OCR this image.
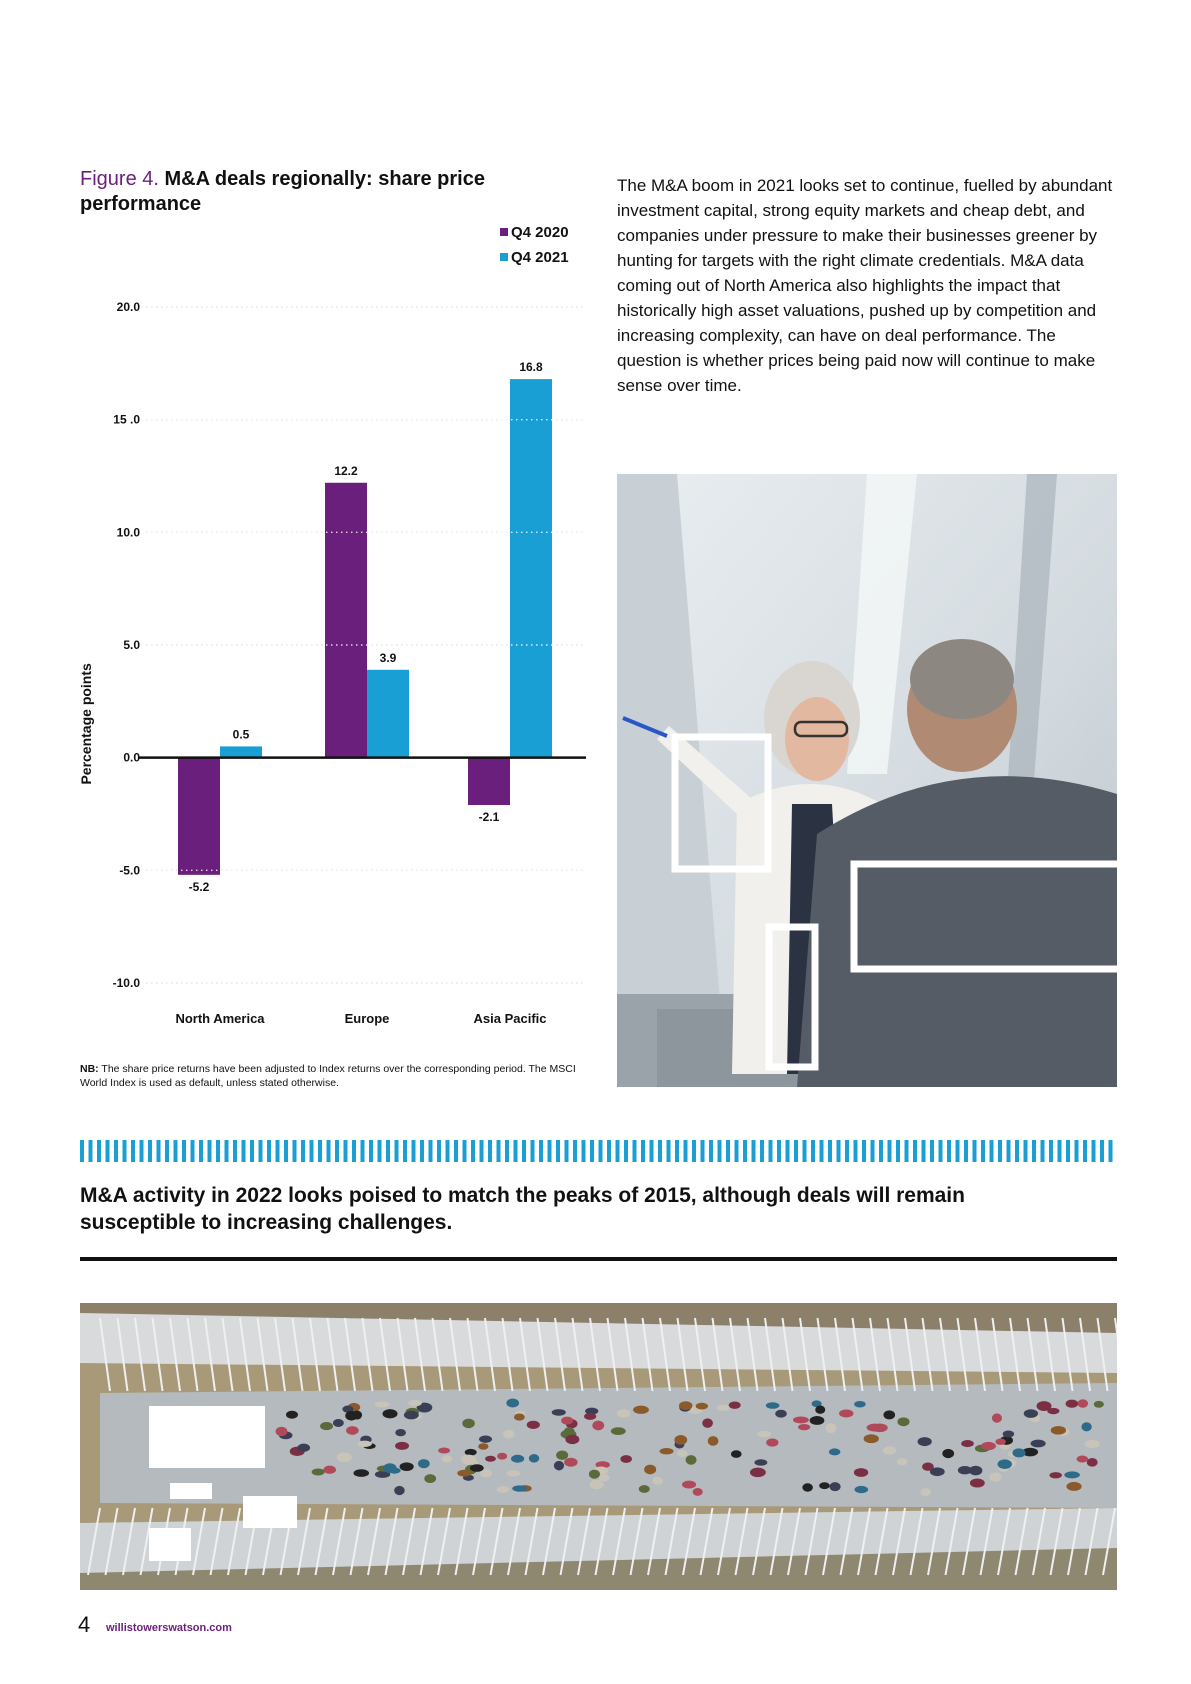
Figure 4. M&A deals regionally: share price performance
20.0
15 .0
10.0
5.0
0.0
-5.0
-10.0
Percentage points
-5.2
12.2
-2.1
0.5
3.9
16.8
North America	Europe	Asia Pacific
Q4 2020
Q4 2021
NB: The share price returns have been adjusted to Index returns over the corresponding period. The MSCI World Index is used as default, unless stated otherwise.
The M&A boom in 2021 looks set to continue, fuelled by abundant investment capital, strong equity markets and cheap debt, and companies under pressure to make their businesses greener by hunting for targets with the right climate credentials. M&A data coming out of North America also highlights the impact that historically high asset valuations, pushed up by competition and increasing complexity, can have on deal performance. The question is whether prices being paid now will continue to make sense over time.
M&A activity in 2022 looks poised to match the peaks of 2015, although deals will remain susceptible to increasing challenges.
4 willistowerswatson.com
